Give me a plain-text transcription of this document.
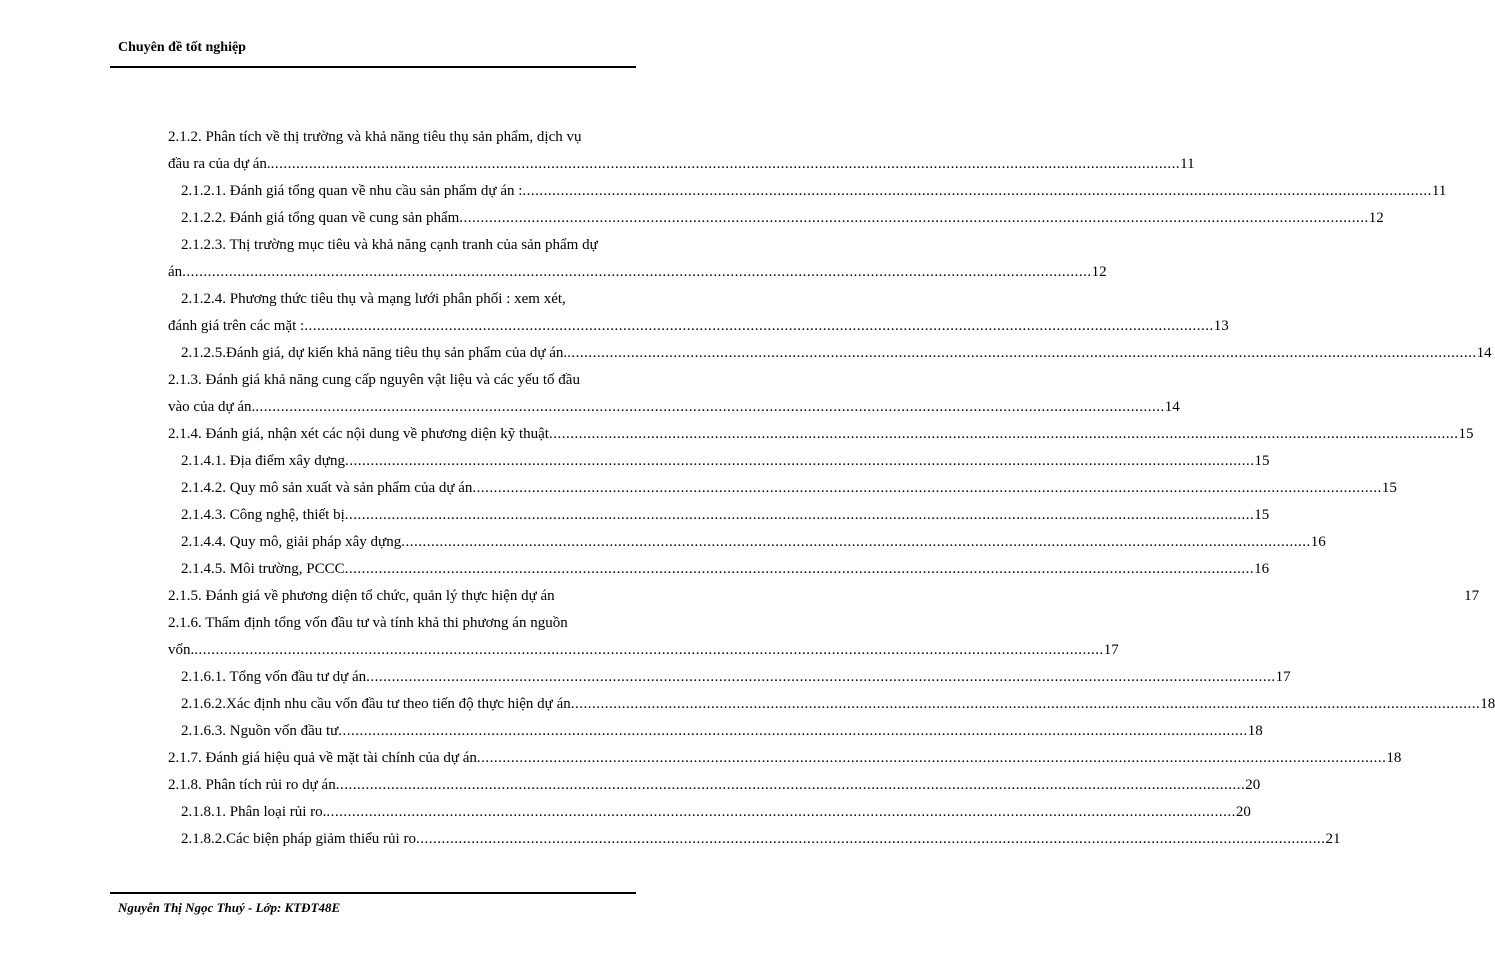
Chuyên đề tốt nghiệp
2.1.2. Phân tích về thị trường và khả năng tiêu thụ sản phẩm, dịch vụ
đầu ra của dự án. .....	11
2.1.2.1. Đánh giá tổng quan về nhu cầu sản phẩm dự án : .....	11
2.1.2.2. Đánh giá tổng quan về cung sản phẩm .....	12
2.1.2.3. Thị trường mục tiêu và khả năng cạnh tranh của sản phẩm dự
án .....	12
2.1.2.4. Phương thức tiêu thụ và mạng lưới phân phối : xem xét,
đánh giá trên các mặt : .....	13
2.1.2.5.Đánh giá, dự kiến khả năng tiêu thụ sản phẩm của dự án. .....	14
2.1.3. Đánh giá khả năng cung cấp nguyên vật liệu và các yếu tố đầu
vào của dự án. .....	14
2.1.4. Đánh giá, nhận xét các nội dung về phương diện kỹ thuật .....	15
2.1.4.1. Địa điểm xây dựng .....	15
2.1.4.2. Quy mô sản xuất và sản phẩm của dự án .....	15
2.1.4.3. Công nghệ, thiết bị .....	15
2.1.4.4. Quy mô, giải pháp xây dựng .....	16
2.1.4.5. Môi trường, PCCC .....	16
2.1.5. Đánh giá về phương diện tổ chức, quản lý thực hiện dự án	17
2.1.6. Thẩm định tổng vốn đầu tư và tính khả thi phương án nguồn
vốn. .....	17
2.1.6.1. Tổng vốn đầu tư dự án .....	17
2.1.6.2.Xác định nhu cầu vốn đầu tư theo tiến độ thực hiện dự án .....	18
2.1.6.3. Nguồn vốn đầu tư .....	18
2.1.7. Đánh giá hiệu quả về mặt tài chính của dự án .....	18
2.1.8. Phân tích rủi ro dự án .....	20
2.1.8.1. Phân loại rủi ro. .....	20
2.1.8.2.Các biện pháp giảm thiểu rủi ro .....	21
Nguyễn Thị Ngọc Thuý - Lớp: KTĐT48E
